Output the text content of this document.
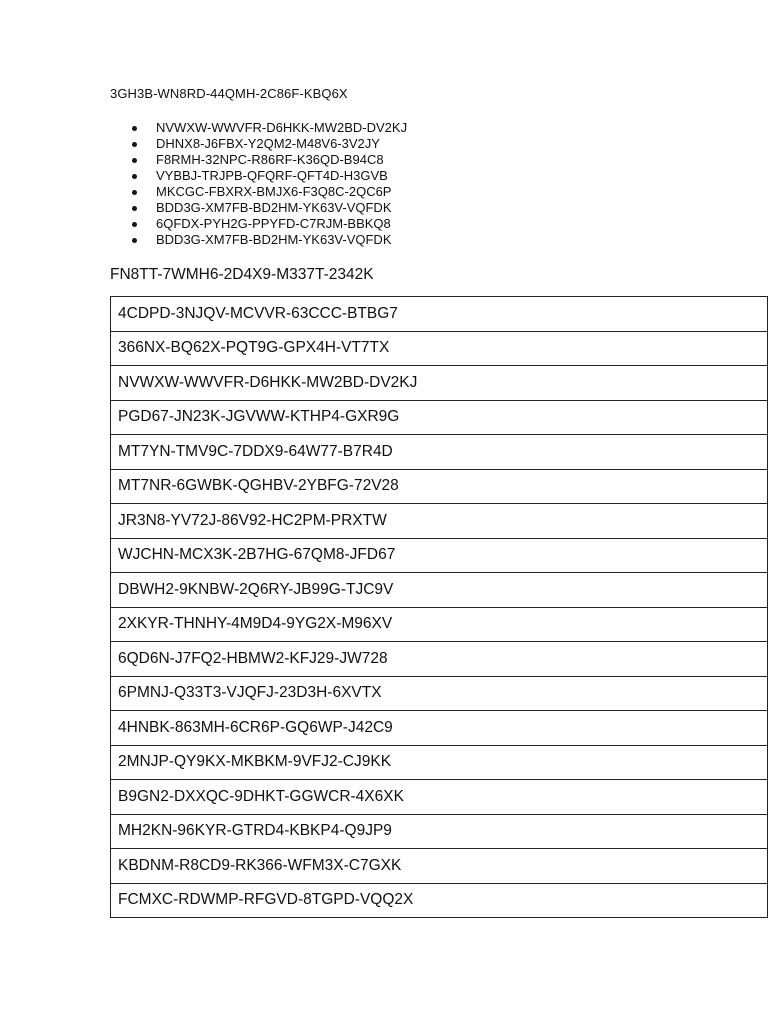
3GH3B-WN8RD-44QMH-2C86F-KBQ6X
NVWXW-WWVFR-D6HKK-MW2BD-DV2KJ
DHNX8-J6FBX-Y2QM2-M48V6-3V2JY
F8RMH-32NPC-R86RF-K36QD-B94C8
VYBBJ-TRJPB-QFQRF-QFT4D-H3GVB
MKCGC-FBXRX-BMJX6-F3Q8C-2QC6P
BDD3G-XM7FB-BD2HM-YK63V-VQFDK
6QFDX-PYH2G-PPYFD-C7RJM-BBKQ8
BDD3G-XM7FB-BD2HM-YK63V-VQFDK
FN8TT-7WMH6-2D4X9-M337T-2342K
4CDPD-3NJQV-MCVVR-63CCC-BTBG7
366NX-BQ62X-PQT9G-GPX4H-VT7TX
NVWXW-WWVFR-D6HKK-MW2BD-DV2KJ
PGD67-JN23K-JGVWW-KTHP4-GXR9G
MT7YN-TMV9C-7DDX9-64W77-B7R4D
MT7NR-6GWBK-QGHBV-2YBFG-72V28
JR3N8-YV72J-86V92-HC2PM-PRXTW
WJCHN-MCX3K-2B7HG-67QM8-JFD67
DBWH2-9KNBW-2Q6RY-JB99G-TJC9V
2XKYR-THNHY-4M9D4-9YG2X-M96XV
6QD6N-J7FQ2-HBMW2-KFJ29-JW728
6PMNJ-Q33T3-VJQFJ-23D3H-6XVTX
4HNBK-863MH-6CR6P-GQ6WP-J42C9
2MNJP-QY9KX-MKBKM-9VFJ2-CJ9KK
B9GN2-DXXQC-9DHKT-GGWCR-4X6XK
MH2KN-96KYR-GTRD4-KBKP4-Q9JP9
KBDNM-R8CD9-RK366-WFM3X-C7GXK
FCMXC-RDWMP-RFGVD-8TGPD-VQQ2X
